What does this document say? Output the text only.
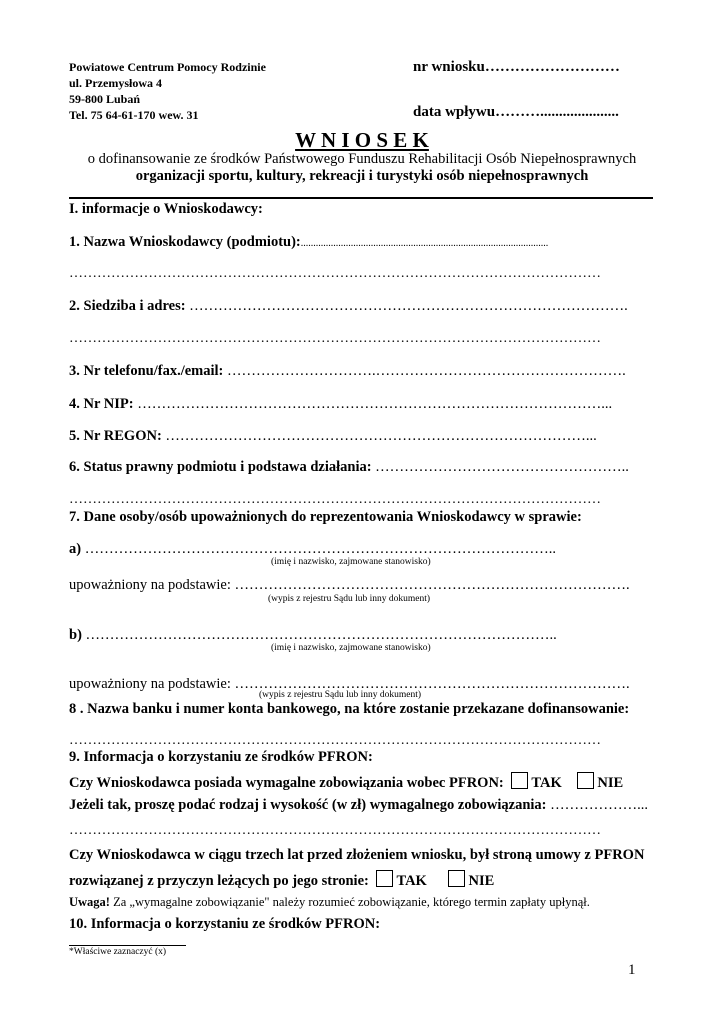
Powiatowe Centrum Pomocy Rodzinie
ul. Przemysłowa 4
59-800 Lubań
Tel. 75 64-61-170 wew. 31
nr wniosku………………………
data wpływu……….....................
W N I O S E K
o dofinansowanie ze środków Państwowego Funduszu Rehabilitacji Osób Niepełnosprawnych
organizacji sportu, kultury, rekreacji i turystyki osób niepełnosprawnych
I. informacje o Wnioskodawcy:
1. Nazwa Wnioskodawcy (podmiotu):...................................................................................................
……………………………………………………………………………………………………
2. Siedziba i adres: ……………………………………………………………………………….
……………………………………………………………………………………………………
3. Nr telefonu/fax./email: ………………………….…………………………………………….
4. Nr NIP: ……………………………………………………………………………………...
5. Nr REGON: ……………………………………………………………………………...
6. Status prawny podmiotu i podstawa działania: ……………………………………………..
……………………………………………………………………………………………………
7. Dane osoby/osób upoważnionych do reprezentowania Wnioskodawcy w sprawie:
a) ……………………………………………………………………………………..
(imię i nazwisko, zajmowane stanowisko)
upoważniony na podstawie: ……………………………………………………………………….
(wypis z rejestru Sądu lub inny dokument)
b) ……………………………………………………………………………………..
(imię i nazwisko, zajmowane stanowisko)
upoważniony na podstawie: ……………………………………………………………………….
(wypis z rejestru Sądu lub inny dokument)
8 . Nazwa banku i numer konta bankowego, na które zostanie przekazane dofinansowanie:
……………………………………………………………………………………………………
9. Informacja o korzystaniu ze środków PFRON:
Czy Wnioskodawca posiada wymagalne zobowiązania wobec PFRON: TAK NIE
Jeżeli tak, proszę podać rodzaj i wysokość (w zł) wymagalnego zobowiązania: ………………...
……………………………………………………………………………………………………
Czy Wnioskodawca w ciągu trzech lat przed złożeniem wniosku, był stroną umowy z PFRON
rozwiązanej z przyczyn leżących po jego stronie: TAK	NIE
Uwaga! Za „wymagalne zobowiązanie" należy rozumieć zobowiązanie, którego termin zapłaty upłynął.
10. Informacja o korzystaniu ze środków PFRON:
*Właściwe zaznaczyć (x)
1
